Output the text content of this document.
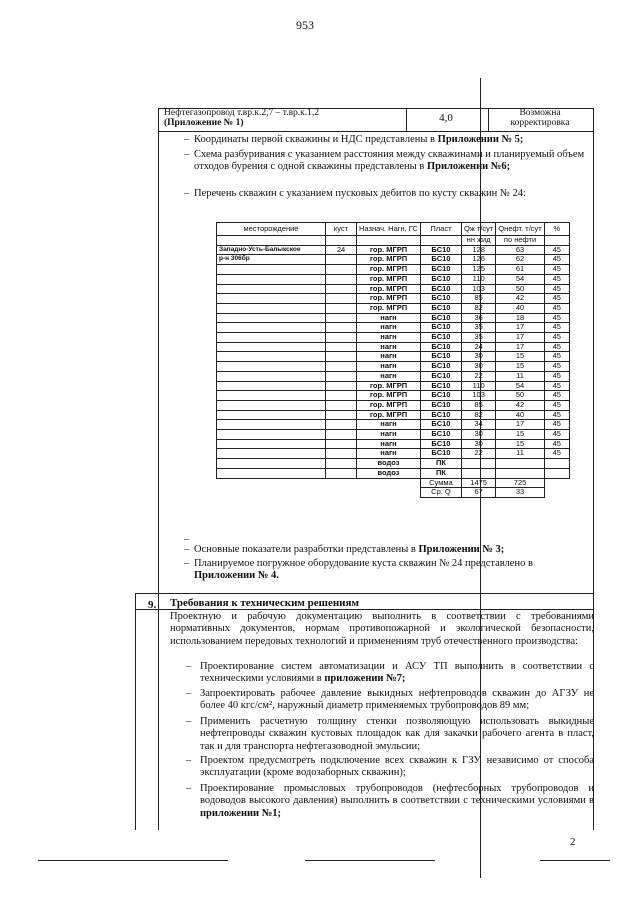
953
Нефтегазопровод т.вр.к.2,7 – т.вр.к.1,2
(Приложение № 1)	4,0	Возможна
корректировка
– Координаты первой скважины и НДС представлены в Приложении № 5;
– Схема разбуривания с указанием расстояния между скважинами и планируемый объем отходов бурения с одной скважины представлены в Приложении №6;
– Перечень скважин с указанием пусковых дебитов по кусту скважин № 24:
месторождение	куст	Назнач. Нагн, ГС	Пласт	Qж т/сут	Qнефт. т/сут	%
				нн жид	по нефти	
Западно-Усть-Балыкское	24	гор. МГРП	БС10	128	63	45
р-н 306бр		гор. МГРП	БС10	126	62	45
		гор. МГРП	БС10	125	61	45
		гор. МГРП	БС10	110	54	45
		гор. МГРП	БС10	103	50	45
		гор. МГРП	БС10	85	42	45
		гор. МГРП	БС10	82	40	45
		нагн	БС10	36	18	45
		нагн	БС10	35	17	45
		нагн	БС10	35	17	45
		нагн	БС10	24	17	45
		нагн	БС10	30	15	45
		нагн	БС10	30	15	45
		нагн	БС10	22	11	45
		гор. МГРП	БС10	110	54	45
		гор. МГРП	БС10	103	50	45
		гор. МГРП	БС10	85	42	45
		гор. МГРП	БС10	82	40	45
		нагн	БС10	34	17	45
		нагн	БС10	30	15	45
		нагн	БС10	30	15	45
		нагн	БС10	22	11	45
		водоз	ПК			
		водоз	ПК			
			Сумма	1475	725	
			Ср. Q	67	33	
–
– Основные показатели разработки представлены в Приложении № 3;
– Планируемое погружное оборудование куста скважин № 24 представлено в Приложении № 4.
9. Требования к техническим решениям
Проектную и рабочую документацию выполнить в соответствии с требованиями нормативных документов, нормам противопожарной и экологической безопасности, использованием передовых технологий и применениям труб отечественного производства:
– Проектирование систем автоматизации и АСУ ТП выполнить в соответствии с техническими условиями в приложении №7;
– Запроектировать рабочее давление выкидных нефтепроводов скважин до АГЗУ не более 40 кгс/см², наружный диаметр применяемых трубопроводов 89 мм;
– Применить расчетную толщину стенки позволяющую использовать выкидные нефтепроводы скважин кустовых площадок как для закачки рабочего агента в пласт, так и для транспорта нефтегазоводной эмульсии;
– Проектом предусмотреть подключение всех скважин к ГЗУ, независимо от способа эксплуатации (кроме водозаборных скважин);
– Проектирование промысловых трубопроводов (нефтесборных трубопроводов и водоводов высокого давления) выполнить в соответствии с техническими условиями в приложении №1;
2
